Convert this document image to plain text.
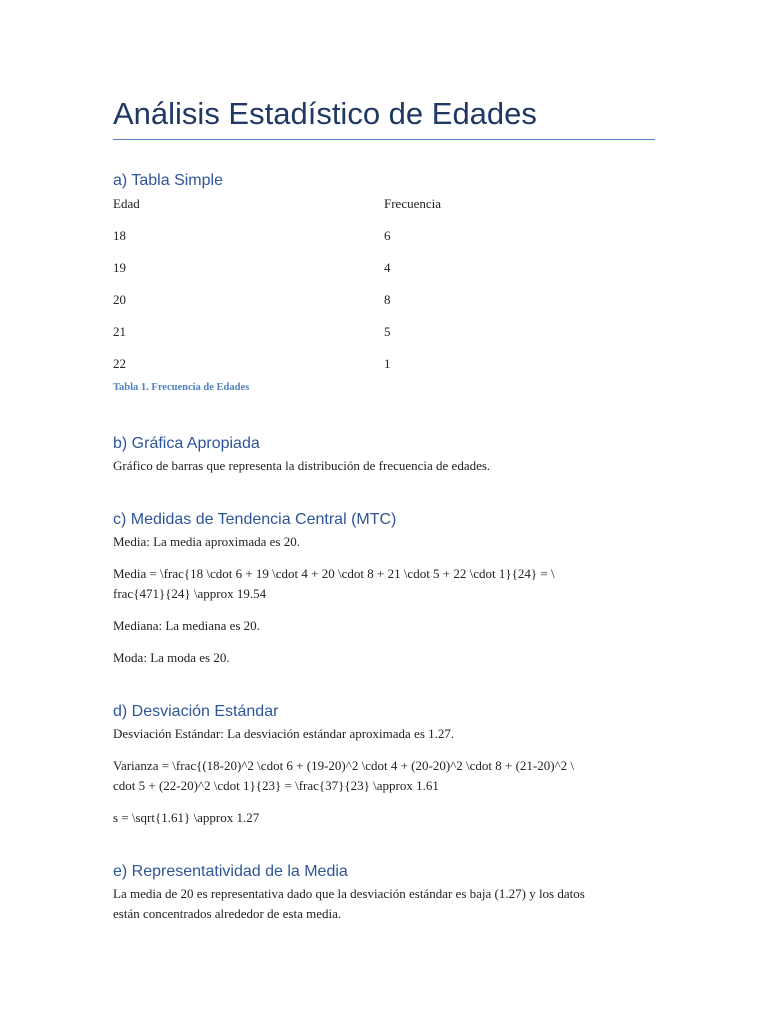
Análisis Estadístico de Edades
a) Tabla Simple
Edad	Frecuencia
18	6
19	4
20	8
21	5
22	1

Tabla 1. Frecuencia de Edades

b) Gráfica Apropiada

Gráfico de barras que representa la distribución de frecuencia de edades.

c) Medidas de Tendencia Central (MTC)

Media: La media aproximada es 20.

Media = \frac{18 \cdot 6 + 19 \cdot 4 + 20 \cdot 8 + 21 \cdot 5 + 22 \cdot 1}{24} = \

frac{471}{24} \approx 19.54

Mediana: La mediana es 20.

Moda: La moda es 20.

d) Desviación Estándar

Desviación Estándar: La desviación estándar aproximada es 1.27.

Varianza = \frac{(18-20)^2 \cdot 6 + (19-20)^2 \cdot 4 + (20-20)^2 \cdot 8 + (21-20)^2 \

cdot 5 + (22-20)^2 \cdot 1}{23} = \frac{37}{23} \approx 1.61

s = \sqrt{1.61} \approx 1.27

e) Representatividad de la Media

La media de 20 es representativa dado que la desviación estándar es baja (1.27) y los datos

están concentrados alrededor de esta media.
